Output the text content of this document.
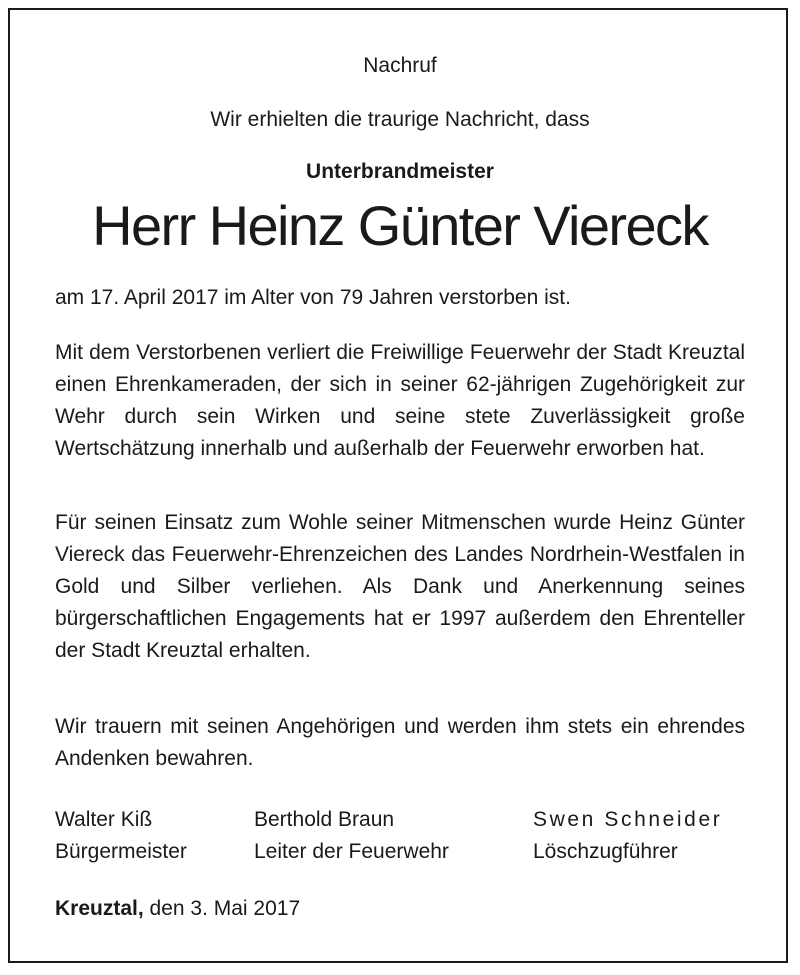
Nachruf
Wir erhielten die traurige Nachricht, dass
Unterbrandmeister
Herr Heinz Günter Viereck

am 17. April 2017 im Alter von 79 Jahren verstorben ist.

Mit dem Verstorbenen verliert die Freiwillige Feuerwehr der Stadt Kreuztal einen Ehrenkameraden, der sich in seiner 62-jährigen Zugehörigkeit zur Wehr durch sein Wirken und seine stete Zuverlässigkeit große Wertschätzung innerhalb und außerhalb der Feuerwehr erworben hat.

Für seinen Einsatz zum Wohle seiner Mitmenschen wurde Heinz Günter Viereck das Feuerwehr-Ehrenzeichen des Landes Nordrhein-Westfalen in Gold und Silber verliehen. Als Dank und Anerkennung seines bürgerschaftlichen Engagements hat er 1997 außerdem den Ehrenteller der Stadt Kreuztal erhalten.

Wir trauern mit seinen Angehörigen und werden ihm stets ein ehrendes Andenken bewahren.

Walter Kiß
Bürgermeister
Berthold Braun
Leiter der Feuerwehr
Swen Schneider
Löschzugführer
Kreuztal, den 3. Mai 2017
